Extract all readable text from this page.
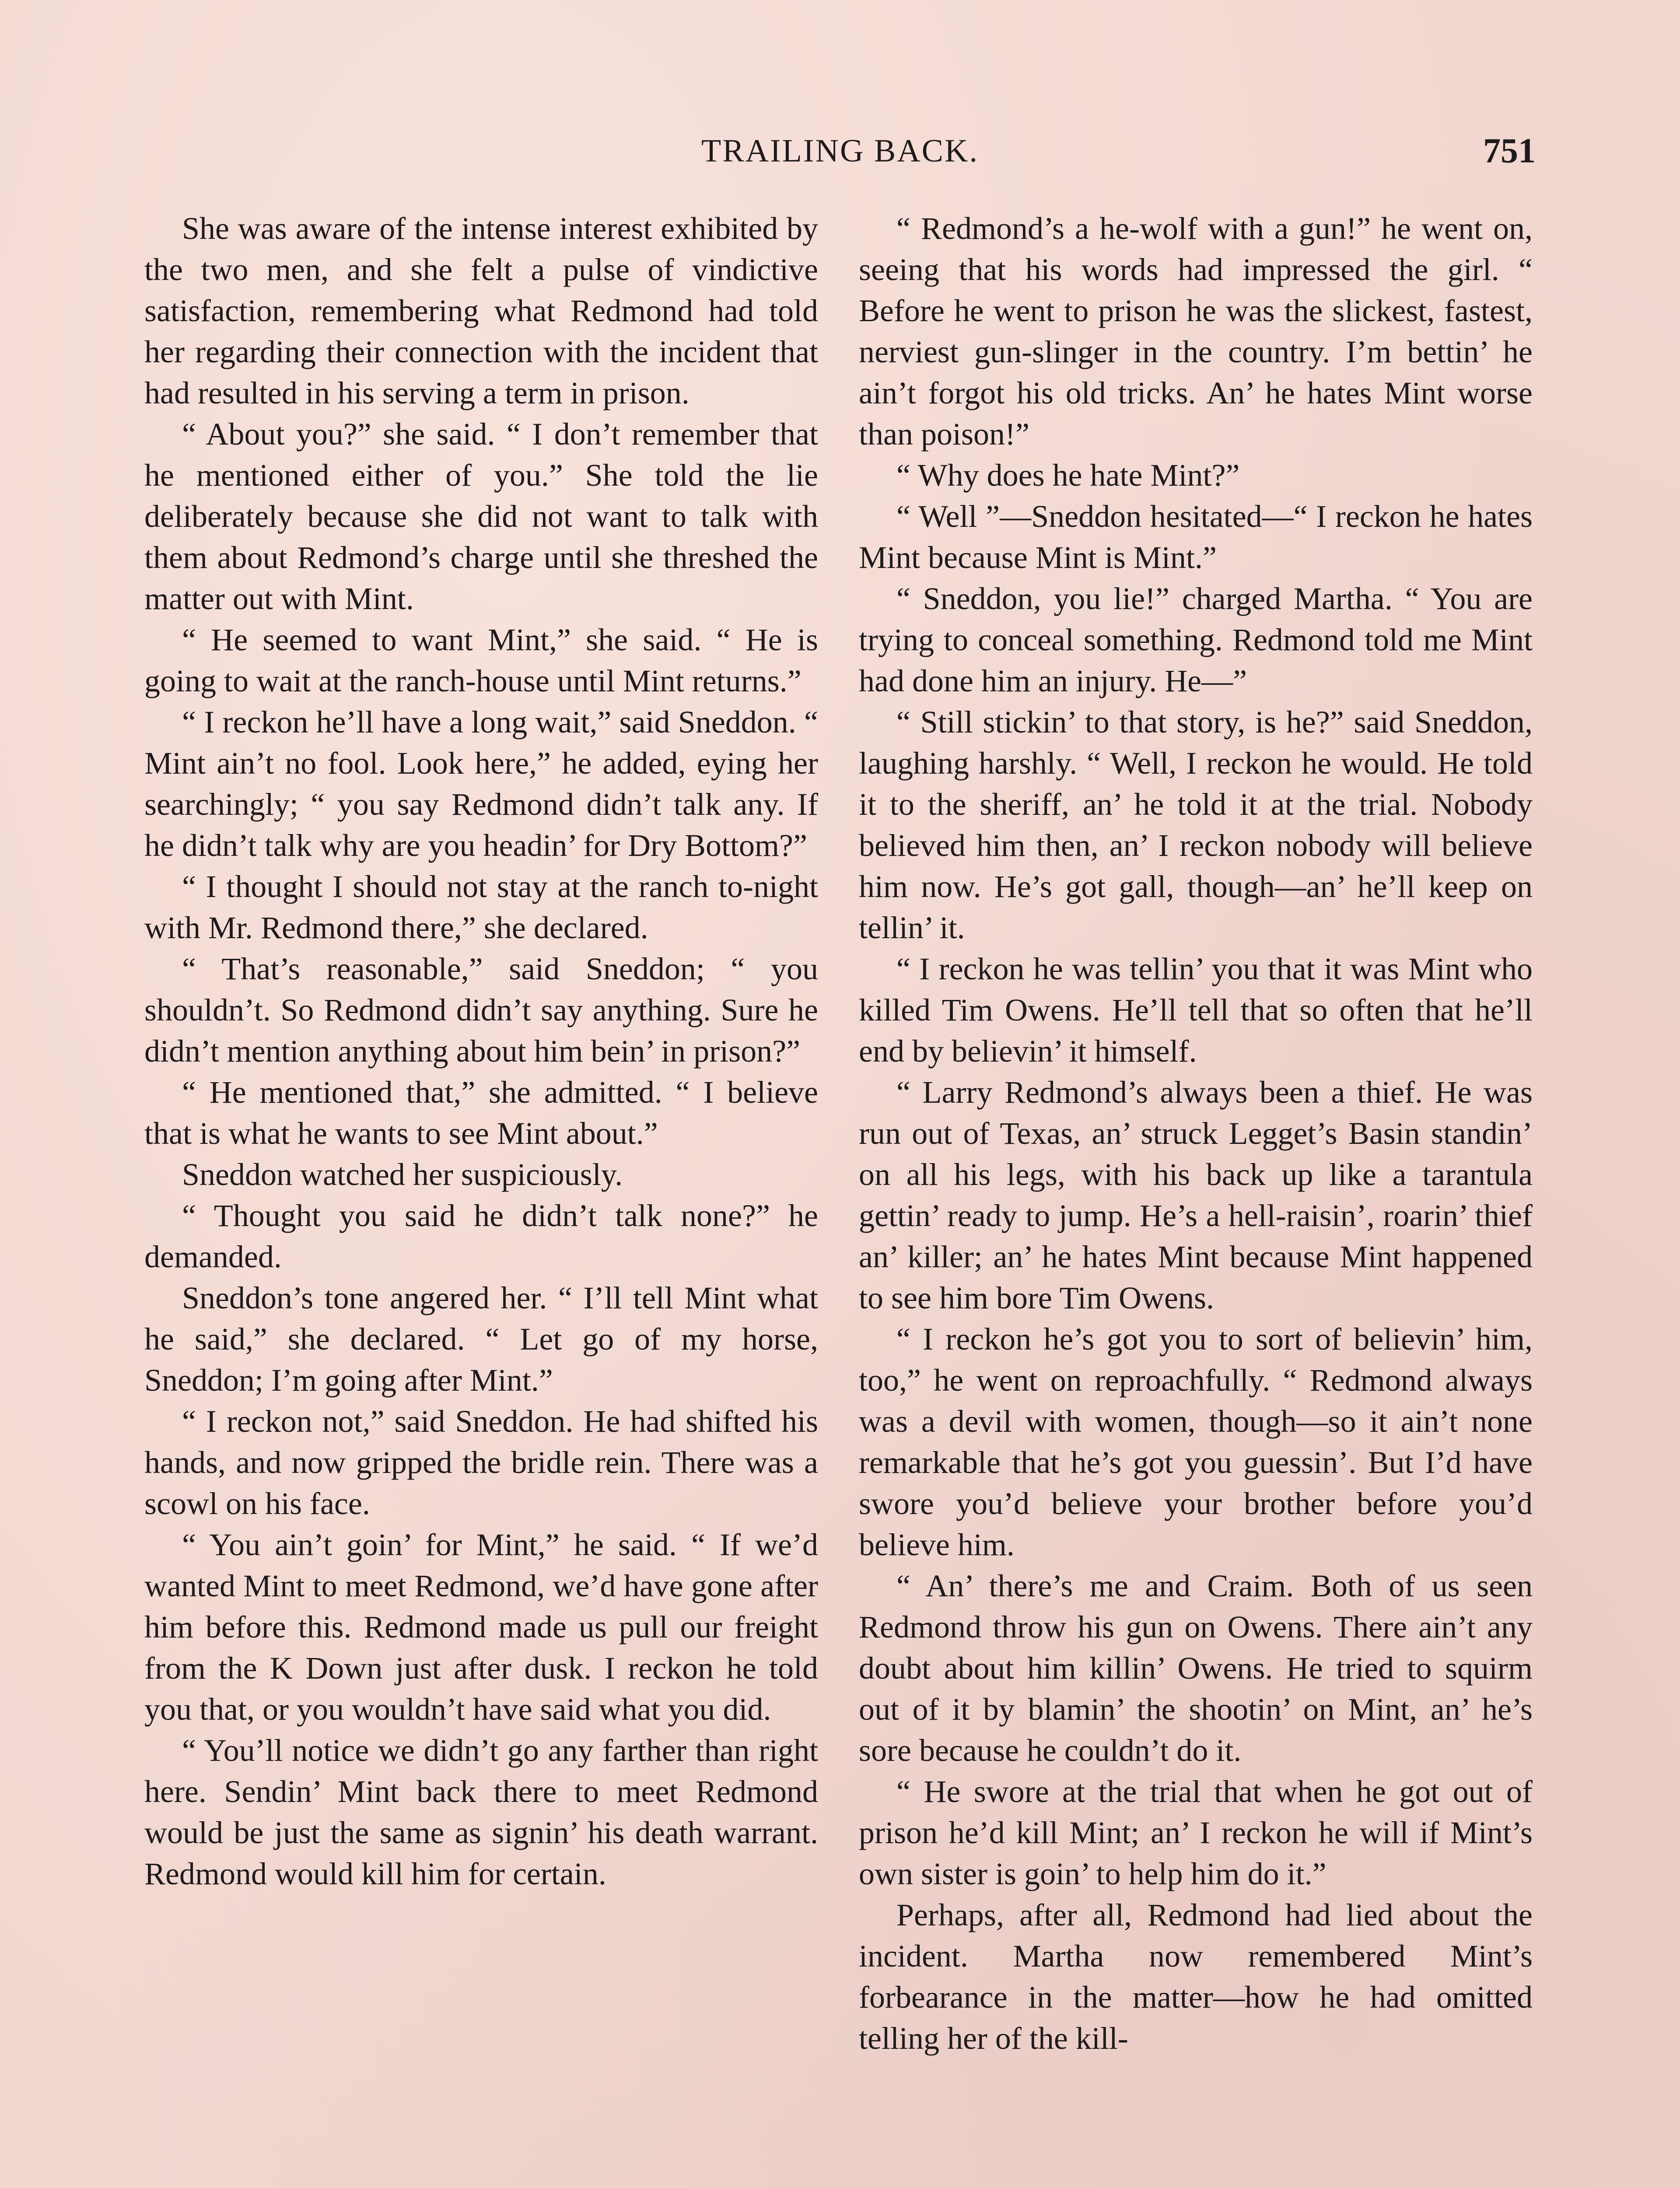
TRAILING BACK.	751

She was aware of the intense interest exhibited by the two men, and she felt a pulse of vindictive satisfaction, remembering what Redmond had told her regarding their connection with the incident that had resulted in his serving a term in prison.

“ About you?” she said. “ I don’t remember that he mentioned either of you.” She told the lie deliberately because she did not want to talk with them about Redmond’s charge until she threshed the matter out with Mint.

“ He seemed to want Mint,” she said. “ He is going to wait at the ranch-house until Mint returns.”

“ I reckon he’ll have a long wait,” said Sneddon. “ Mint ain’t no fool. Look here,” he added, eying her searchingly; “ you say Redmond didn’t talk any. If he didn’t talk why are you headin’ for Dry Bottom?”

“ I thought I should not stay at the ranch to-night with Mr. Redmond there,” she declared.

“ That’s reasonable,” said Sneddon; “ you shouldn’t. So Redmond didn’t say anything. Sure he didn’t mention anything about him bein’ in prison?”

“ He mentioned that,” she admitted. “ I believe that is what he wants to see Mint about.”

Sneddon watched her suspiciously.

“ Thought you said he didn’t talk none?” he demanded.

Sneddon’s tone angered her. “ I’ll tell Mint what he said,” she declared. “ Let go of my horse, Sneddon; I’m going after Mint.”

“ I reckon not,” said Sneddon. He had shifted his hands, and now gripped the bridle rein. There was a scowl on his face.

“ You ain’t goin’ for Mint,” he said. “ If we’d wanted Mint to meet Redmond, we’d have gone after him before this. Redmond made us pull our freight from the K Down just after dusk. I reckon he told you that, or you wouldn’t have said what you did.

“ You’ll notice we didn’t go any farther than right here. Sendin’ Mint back there to meet Redmond would be just the same as signin’ his death warrant. Redmond would kill him for certain.

“ Redmond’s a he-wolf with a gun!” he went on, seeing that his words had impressed the girl. “ Before he went to prison he was the slickest, fastest, nerviest gun-slinger in the country. I’m bettin’ he ain’t forgot his old tricks. An’ he hates Mint worse than poison!”

“ Why does he hate Mint?”

“ Well ”—Sneddon hesitated—“ I reckon he hates Mint because Mint is Mint.”

“ Sneddon, you lie!” charged Martha. “ You are trying to conceal something. Redmond told me Mint had done him an injury. He—”

“ Still stickin’ to that story, is he?” said Sneddon, laughing harshly. “ Well, I reckon he would. He told it to the sheriff, an’ he told it at the trial. Nobody believed him then, an’ I reckon nobody will believe him now. He’s got gall, though—an’ he’ll keep on tellin’ it.

“ I reckon he was tellin’ you that it was Mint who killed Tim Owens. He’ll tell that so often that he’ll end by believin’ it himself.

“ Larry Redmond’s always been a thief. He was run out of Texas, an’ struck Legget’s Basin standin’ on all his legs, with his back up like a tarantula gettin’ ready to jump. He’s a hell-raisin’, roarin’ thief an’ killer; an’ he hates Mint because Mint happened to see him bore Tim Owens.

“ I reckon he’s got you to sort of believin’ him, too,” he went on reproachfully. “ Redmond always was a devil with women, though—so it ain’t none remarkable that he’s got you guessin’. But I’d have swore you’d believe your brother before you’d believe him.

“ An’ there’s me and Craim. Both of us seen Redmond throw his gun on Owens. There ain’t any doubt about him killin’ Owens. He tried to squirm out of it by blamin’ the shootin’ on Mint, an’ he’s sore because he couldn’t do it.

“ He swore at the trial that when he got out of prison he’d kill Mint; an’ I reckon he will if Mint’s own sister is goin’ to help him do it.”

Perhaps, after all, Redmond had lied about the incident. Martha now remembered Mint’s forbearance in the matter—how he had omitted telling her of the kill-
